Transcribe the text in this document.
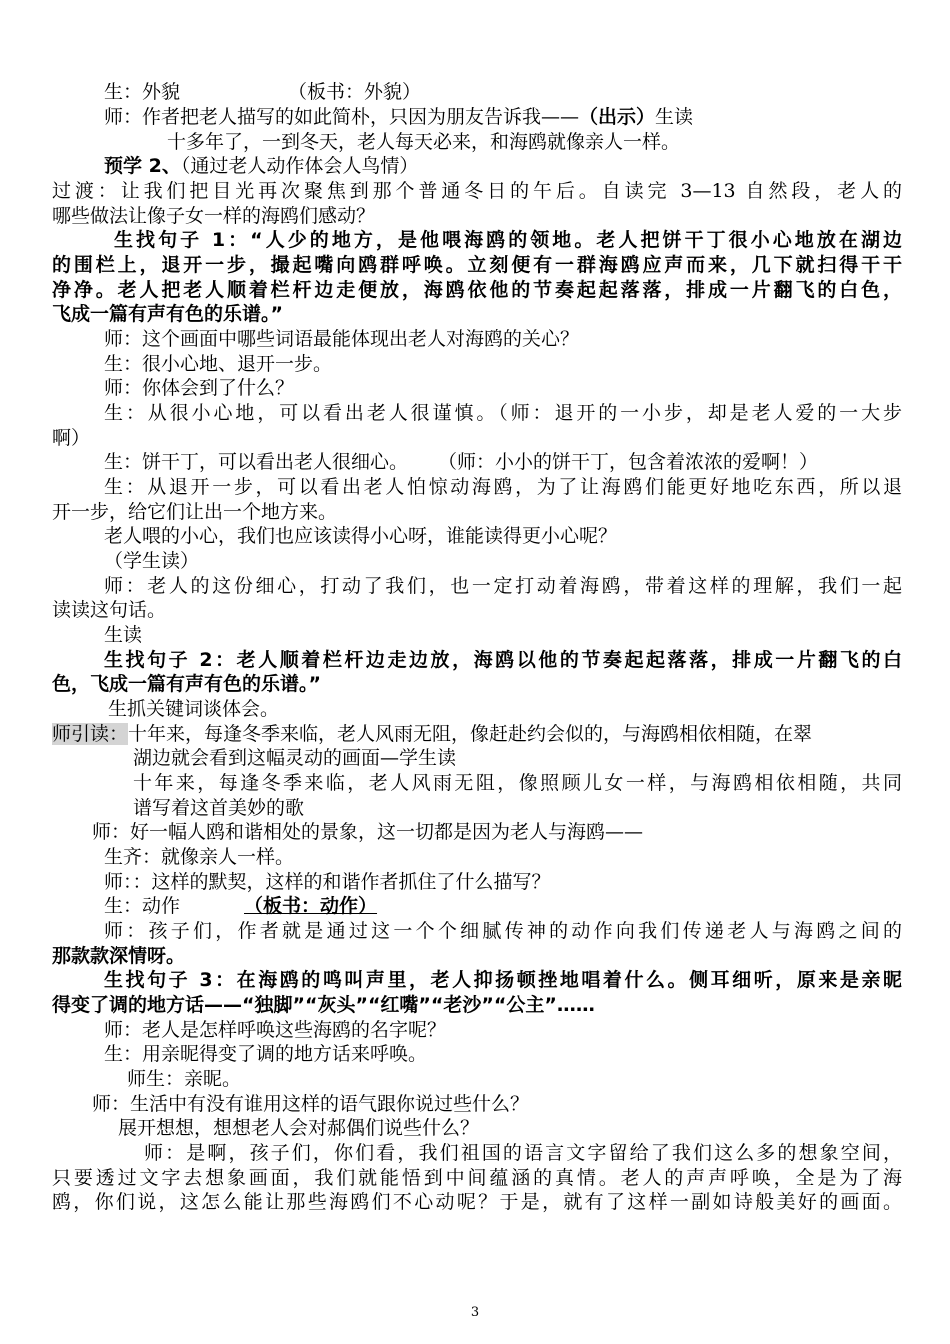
生：外貌	（板书：外貌）
师：作者把老人描写的如此简朴，只因为朋友告诉我——（出示）生读
十多年了，一到冬天，老人每天必来，和海鸥就像亲人一样。
预学 2、（通过老人动作体会人鸟情）
过渡：让我们把目光再次聚焦到那个普通冬日的午后。自读完 3—13 自然段，老人的
哪些做法让像子女一样的海鸥们感动？
生找句子 1：“人少的地方，是他喂海鸥的领地。老人把饼干丁很小心地放在湖边
的围栏上，退开一步，撮起嘴向鸥群呼唤。立刻便有一群海鸥应声而来，几下就扫得干干
净净。老人把老人顺着栏杆边走便放，海鸥依他的节奏起起落落，排成一片翻飞的白色，
飞成一篇有声有色的乐谱。”
师：这个画面中哪些词语最能体现出老人对海鸥的关心？
生：很小心地、退开一步。
师：你体会到了什么？
生：从很小心地，可以看出老人很谨慎。（师：退开的一小步，却是老人爱的一大步
啊）
生：饼干丁，可以看出老人很细心。 （师：小小的饼干丁，包含着浓浓的爱啊！）
生：从退开一步，可以看出老人怕惊动海鸥，为了让海鸥们能更好地吃东西，所以退
开一步，给它们让出一个地方来。
老人喂的小心，我们也应该读得小心呀，谁能读得更小心呢？
（学生读）
师：老人的这份细心，打动了我们，也一定打动着海鸥，带着这样的理解，我们一起
读读这句话。
生读
生找句子 2：老人顺着栏杆边走边放，海鸥以他的节奏起起落落，排成一片翻飞的白
色，飞成一篇有声有色的乐谱。”
生抓关键词谈体会。
师引读：十年来，每逢冬季来临，老人风雨无阻，像赶赴约会似的，与海鸥相依相随，在翠
湖边就会看到这幅灵动的画面—学生读
十年来，每逢冬季来临，老人风雨无阻，像照顾儿女一样，与海鸥相依相随，共同
谱写着这首美妙的歌
师：好一幅人鸥和谐相处的景象，这一切都是因为老人与海鸥——
生齐：就像亲人一样。
师：：这样的默契，这样的和谐作者抓住了什么描写？
生：动作	（板书：动作）
师：孩子们，作者就是通过这一个个细腻传神的动作向我们传递老人与海鸥之间的
那款款深情呀。
生找句子 3：在海鸥的鸣叫声里，老人抑扬顿挫地唱着什么。侧耳细听，原来是亲昵
得变了调的地方话——“独脚”“灰头”“红嘴”“老沙”“公主”……
师：老人是怎样呼唤这些海鸥的名字呢？
生：用亲昵得变了调的地方话来呼唤。
师生：亲昵。
师：生活中有没有谁用这样的语气跟你说过些什么？
展开想想，想想老人会对郝偶们说些什么？
师：是啊，孩子们，你们看，我们祖国的语言文字留给了我们这么多的想象空间，
只要透过文字去想象画面，我们就能悟到中间蕴涵的真情。老人的声声呼唤，全是为了海
鸥，你们说，这怎么能让那些海鸥们不心动呢？于是，就有了这样一副如诗般美好的画面。
3
